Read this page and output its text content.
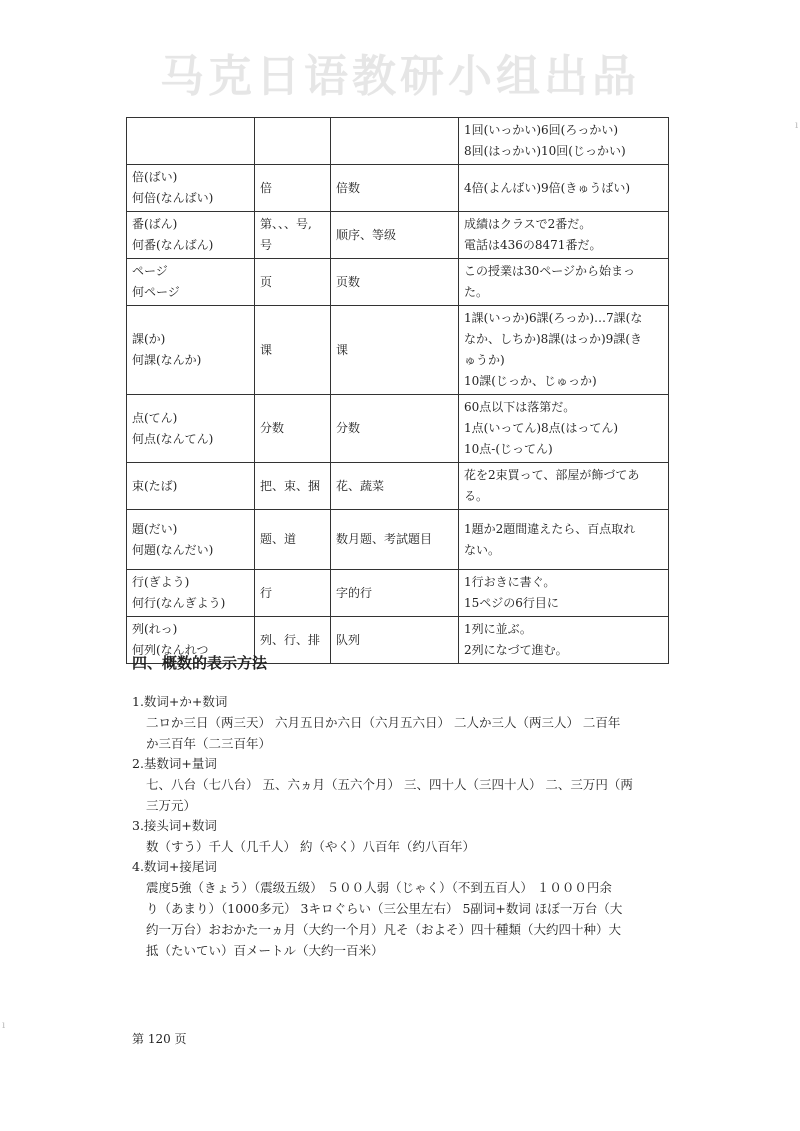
马克日语教研小组出品
ı
ı

			1回(いっかい)6回(ろっかい)
8回(はっかい)10回(じっかい)

倍(ばい)
何倍(なんばい)	倍	倍数	4倍(よんばい)9倍(きゅうばい)

番(ばん)
何番(なんばん)	第、、、号,
号	顺序、等级	成績はクラスで2番だ。
電話は436の8471番だ。

ページ
何ページ	页	页数	この授業は30ページから始まっ
た。

課(か)
何課(なんか)	课	课	1課(いっか)6課(ろっか)…7課(な
なか、しちか)8課(はっか)9課(き
ゅうか)
10課(じっか、じゅっか)

点(てん)
何点(なんてん)	分数	分数	60点以下は落第だ。
1点(いってん)8点(はってん)
10点-(じってん)

束(たば)	把、束、捆	花、蔬菜	花を2束買って、部屋が飾づてあ
る。

題(だい)
何題(なんだい)	题、道	数月题、考試題目	1題か2題間違えたら、百点取れ
ない。

行(ぎよう)
何行(なんぎよう)	行	字的行	1行おきに書ぐ。
15ペジの6行目に

列(れっ)
何列(なんれつ	列、行、排	队列	1列に並ぶ。
2列になづて進む。
四、概数的表示方法

1.数词+か+数词

二ロか三日（两三天） 六月五日か六日（六月五六日） 二人か三人（两三人） 二百年

か三百年（二三百年）

2.基数词+量词

七、八台（七八台） 五、六ヵ月（五六个月） 三、四十人（三四十人） 二、三万円（两

三万元）

3.接头词+数词

数（すう）千人（几千人） 約（やく）八百年（约八百年）

4.数词+接尾词

震度5強（きょう）（震级五级） ５００人弱（じゃく）（不到五百人） １０００円余

り（あまり）（1000多元） 3キロぐらい（三公里左右） 5副词+数词 ほぼ一万台（大

约一万台）おおかた一ヵ月（大约一个月）凡そ（およそ）四十種類（大约四十种）大

抵（たいてい）百メートル（大约一百米）

第 120 页
